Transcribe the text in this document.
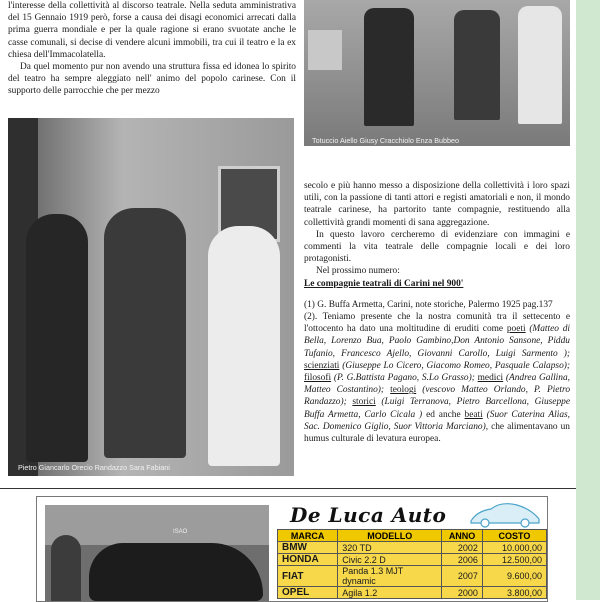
l'interesse della collettività al discorso teatrale. Nella seduta amministrativa del 15 Gennaio 1919 però, forse a causa dei disagi economici arrecati dalla prima guerra mondiale e per la quale ragione si erano svuotate anche le casse comunali, si decise di vendere alcuni immobili, tra cui il teatro e la ex chiesa dell'Immacolatella.

Da quel momento pur non avendo una struttura fissa ed idonea lo spirito del teatro ha sempre aleggiato nell' animo del popolo carinese. Con il supporto delle parrocchie che per mezzo

Totuccio Aiello Giusy Cracchiolo Enza Bubbeo
Pietro Giancarlo Orecio Randazzo Sara Fabiani

secolo e più hanno messo a disposizione della collettività i loro spazi utili, con la passione di tanti attori e registi amatoriali e non, il mondo teatrale carinese, ha partorito tante compagnie, restituendo alla collettività grandi momenti di sana aggregazione.

In questo lavoro cercheremo di evidenziare con immagini e commenti la vita teatrale delle compagnie locali e dei loro protagonisti.

Nel prossimo numero:

Le compagnie teatrali di Carini nel 900'

(1) G. Buffa Armetta, Carini, note storiche, Palermo 1925 pag.137

(2). Teniamo presente che la nostra comunità tra il settecento e l'ottocento ha dato una moltitudine di eruditi come poeti (Matteo di Bella, Lorenzo Bua, Paolo Gambino,Don Antonio Sansone, Piddu Tufanio, Francesco Ajello, Giovanni Carollo, Luigi Sarmento ); scienziati (Giuseppe Lo Cicero, Giacomo Romeo, Pasquale Calapso); filosofi (P. G.Battista Pagano, S.Lo Grasso); medici (Andrea Gallina, Matteo Costantino); teologi (vescovo Matteo Orlando, P. Pietro Randazzo); storici (Luigi Terranova, Pietro Barcellona, Giuseppe Buffa Armetta, Carlo Cicala ) ed anche beati (Suor Caterina Alias, Sac. Domenico Giglio, Suor Vittoria Marciano), che alimentavano un humus culturale di levatura europea.

ISAO
De Luca Auto
MARCA	MODELLO	ANNO	COSTO
BMW	320 TD	2002	10.000,00
HONDA	Civic 2.2 D	2006	12.500,00
FIAT	Panda 1.3 MJT dynamic	2007	9.600,00
OPEL	Agila 1.2	2000	3.800,00
